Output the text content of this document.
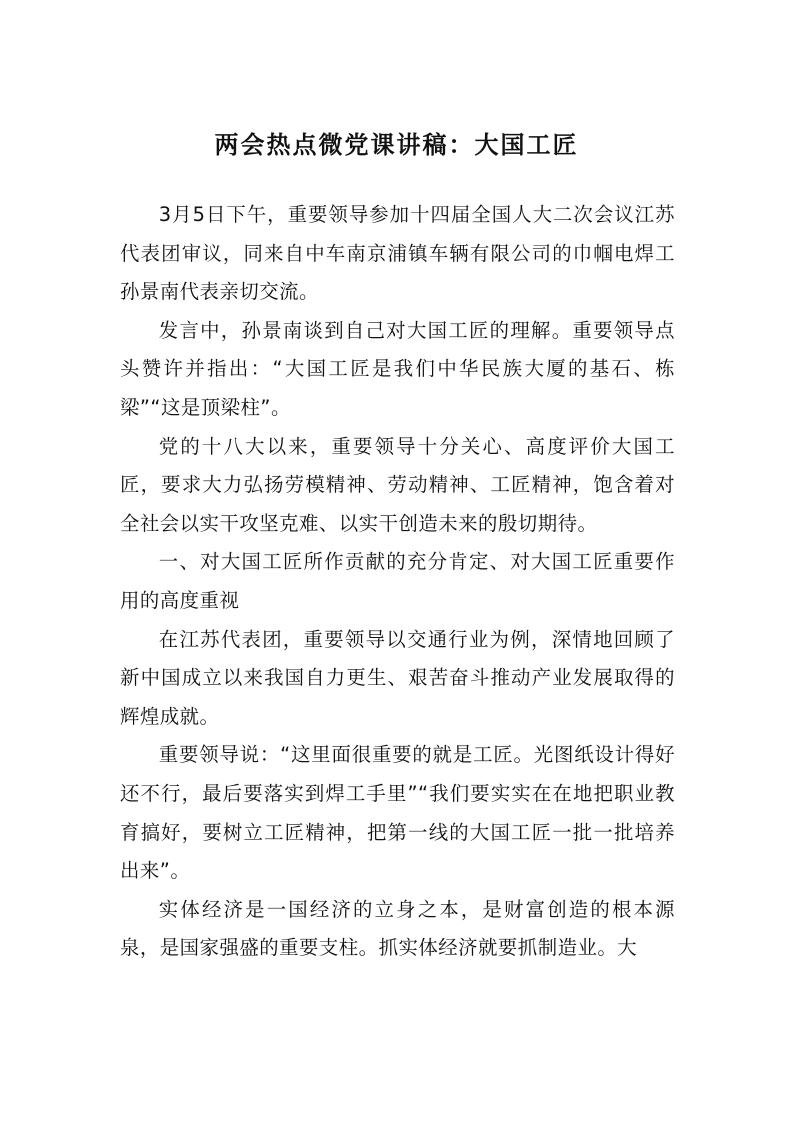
两会热点微党课讲稿：大国工匠

3月5日下午，重要领导参加十四届全国人大二次会议江苏代表团审议，同来自中车南京浦镇车辆有限公司的巾帼电焊工孙景南代表亲切交流。

发言中，孙景南谈到自己对大国工匠的理解。重要领导点头赞许并指出：“大国工匠是我们中华民族大厦的基石、栋梁”“这是顶梁柱”。

党的十八大以来，重要领导十分关心、高度评价大国工匠，要求大力弘扬劳模精神、劳动精神、工匠精神，饱含着对全社会以实干攻坚克难、以实干创造未来的殷切期待。

一、对大国工匠所作贡献的充分肯定、对大国工匠重要作用的高度重视

在江苏代表团，重要领导以交通行业为例，深情地回顾了新中国成立以来我国自力更生、艰苦奋斗推动产业发展取得的辉煌成就。

重要领导说：“这里面很重要的就是工匠。光图纸设计得好还不行，最后要落实到焊工手里”“我们要实实在在地把职业教育搞好，要树立工匠精神，把第一线的大国工匠一批一批培养出来”。

实体经济是一国经济的立身之本，是财富创造的根本源泉，是国家强盛的重要支柱。抓实体经济就要抓制造业。大
